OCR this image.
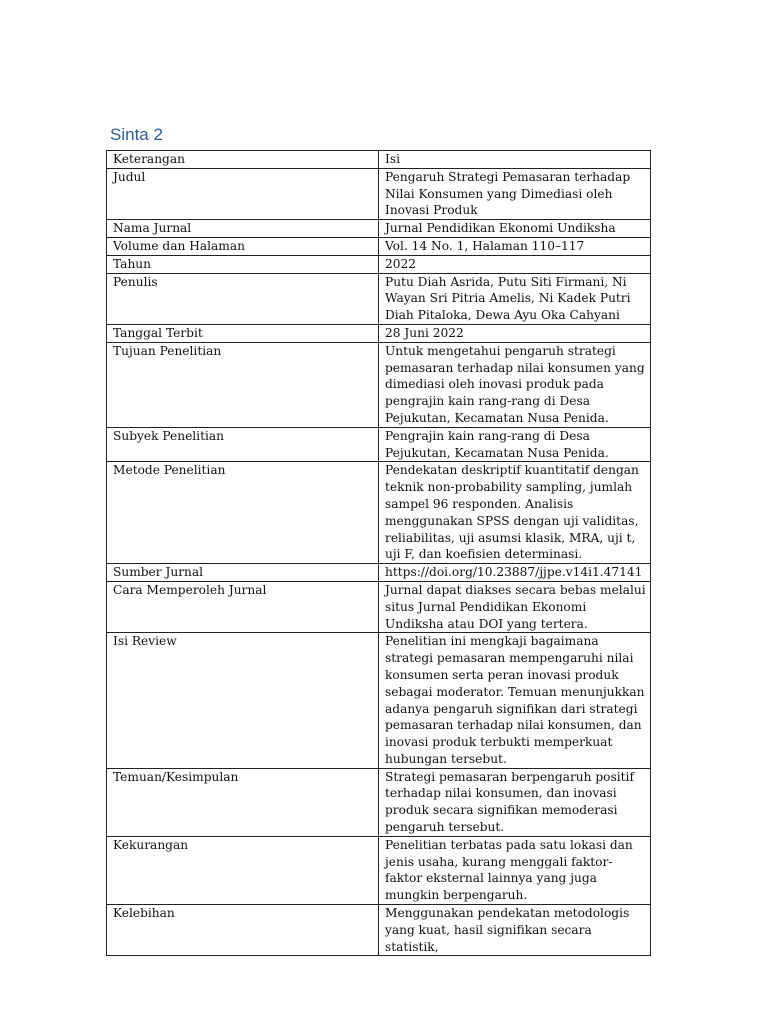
Sinta 2
Keterangan	Isi
Judul	Pengaruh Strategi Pemasaran terhadap Nilai Konsumen yang Dimediasi oleh Inovasi Produk
Nama Jurnal	Jurnal Pendidikan Ekonomi Undiksha
Volume dan Halaman	Vol. 14 No. 1, Halaman 110–117
Tahun	2022
Penulis	Putu Diah Asrida, Putu Siti Firmani, Ni Wayan Sri Pitria Amelis, Ni Kadek Putri Diah Pitaloka, Dewa Ayu Oka Cahyani
Tanggal Terbit	28 Juni 2022
Tujuan Penelitian	Untuk mengetahui pengaruh strategi pemasaran terhadap nilai konsumen yang dimediasi oleh inovasi produk pada pengrajin kain rang-rang di Desa Pejukutan, Kecamatan Nusa Penida.
Subyek Penelitian	Pengrajin kain rang-rang di Desa Pejukutan, Kecamatan Nusa Penida.
Metode Penelitian	Pendekatan deskriptif kuantitatif dengan teknik non-probability sampling, jumlah sampel 96 responden. Analisis menggunakan SPSS dengan uji validitas, reliabilitas, uji asumsi klasik, MRA, uji t, uji F, dan koefisien determinasi.
Sumber Jurnal	https://doi.org/10.23887/jjpe.v14i1.47141
Cara Memperoleh Jurnal	Jurnal dapat diakses secara bebas melalui situs Jurnal Pendidikan Ekonomi Undiksha atau DOI yang tertera.
Isi Review	Penelitian ini mengkaji bagaimana strategi pemasaran mempengaruhi nilai konsumen serta peran inovasi produk sebagai moderator. Temuan menunjukkan adanya pengaruh signifikan dari strategi pemasaran terhadap nilai konsumen, dan inovasi produk terbukti memperkuat hubungan tersebut.
Temuan/Kesimpulan	Strategi pemasaran berpengaruh positif terhadap nilai konsumen, dan inovasi produk secara signifikan memoderasi pengaruh tersebut.
Kekurangan	Penelitian terbatas pada satu lokasi dan jenis usaha, kurang menggali faktor-faktor eksternal lainnya yang juga mungkin berpengaruh.
Kelebihan	Menggunakan pendekatan metodologis yang kuat, hasil signifikan secara statistik,
